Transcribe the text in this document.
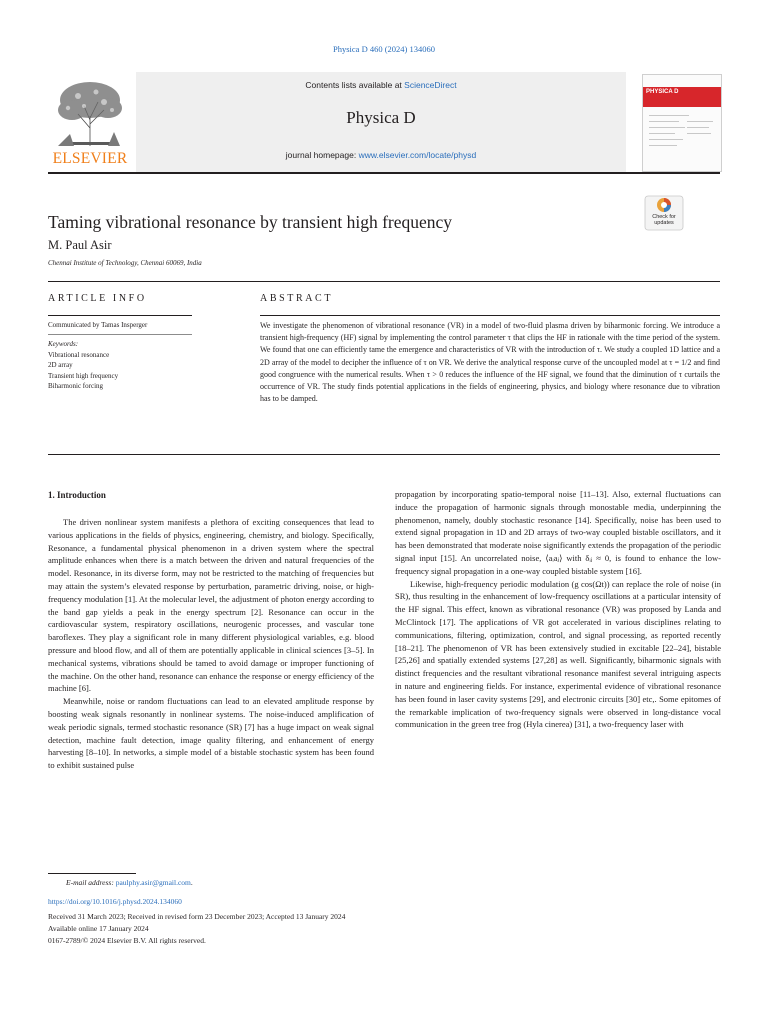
Physica D 460 (2024) 134060
ELSEVIER
Contents lists available at ScienceDirect
Physica D
journal homepage: www.elsevier.com/locate/physd
PHYSICA D
Taming vibrational resonance by transient high frequency	Check for
updates
M. Paul Asir
Chennai Institute of Technology, Chennai 60069, India
ARTICLE INFO
Communicated by Tamas Insperger
Keywords:
Vibrational resonance
2D array
Transient high frequency
Biharmonic forcing
ABSTRACT
We investigate the phenomenon of vibrational resonance (VR) in a model of two-fluid plasma driven by biharmonic forcing. We introduce a transient high-frequency (HF) signal by implementing the control parameter τ that clips the HF in rationale with the time period of the system. We found that one can efficiently tame the emergence and characteristics of VR with the introduction of τ. We study a coupled 1D lattice and a 2D array of the model to decipher the influence of τ on VR. We derive the analytical response curve of the uncoupled model at τ = 1/2 and find good congruence with the numerical results. When τ > 0 reduces the influence of the HF signal, we found that the diminution of τ curtails the occurrence of VR. The study finds potential applications in the fields of engineering, physics, and biology where resonance due to vibration has to be damped.
1. Introduction

The driven nonlinear system manifests a plethora of exciting consequences that lead to various applications in the fields of physics, engineering, chemistry, and biology. Specifically, Resonance, a fundamental physical phenomenon in a driven system where the spectral amplitude enhances when there is a match between the driven and natural frequencies of the model. Resonance, in its diverse form, may not be restricted to the matching of frequencies but may attain the system’s elevated response by perturbation, parametric driving, noise, or high-frequency modulation [1]. At the molecular level, the adjustment of photon energy according to the band gap yields a peak in the energy spectrum [2]. Resonance can occur in the cardiovascular system, respiratory oscillations, neurogenic processes, and vascular tone baroflexes. They play a significant role in many different physiological variables, e.g. blood pressure and blood flow, and all of them are potentially applicable in clinical sciences [3–5]. In mechanical systems, vibrations should be tamed to avoid damage or improper functioning of the machine. On the other hand, resonance can enhance the response or energy efficiency of the machine [6].

Meanwhile, noise or random fluctuations can lead to an elevated amplitude response by boosting weak signals resonantly in nonlinear systems. The noise-induced amplification of weak periodic signals, termed stochastic resonance (SR) [7] has a huge impact on weak signal detection, machine fault detection, image quality filtering, and enhancement of energy harvesting [8–10]. In networks, a simple model of a bistable stochastic system has been found to exhibit sustained pulse

propagation by incorporating spatio-temporal noise [11–13]. Also, external fluctuations can induce the propagation of harmonic signals through monostable media, underpinning the phenomenon, namely, doubly stochastic resonance [14]. Specifically, noise has been used to extend signal propagation in 1D and 2D arrays of two-way coupled bistable oscillators, and it has been demonstrated that moderate noise significantly extends the propagation of the periodic signal input [15]. An uncorrelated noise, ⟨aᵢaⱼ⟩ with δᵢⱼ ≈ 0, is found to enhance the low-frequency signal propagation in a one-way coupled bistable system [16].

Likewise, high-frequency periodic modulation (g cos(Ωt)) can replace the role of noise (in SR), thus resulting in the enhancement of low-frequency oscillations at a particular intensity of the HF signal. This effect, known as vibrational resonance (VR) was proposed by Landa and McClintock [17]. The applications of VR got accelerated in various disciplines relating to communications, filtering, optimization, control, and signal processing, as reported recently [18–21]. The phenomenon of VR has been extensively studied in excitable [22–24], bistable [25,26] and spatially extended systems [27,28] as well. Significantly, biharmonic signals with distinct frequencies and the resultant vibrational resonance manifest several intriguing aspects in nature and engineering fields. For instance, experimental evidence of vibrational resonance has been found in laser cavity systems [29], and electronic circuits [30] etc,. Some epitomes of the remarkable implication of two-frequency signals were observed in long-distance vocal communication in the green tree frog (Hyla cinerea) [31], a two-frequency laser with

E-mail address: paulphy.asir@gmail.com.
https://doi.org/10.1016/j.physd.2024.134060
Received 31 March 2023; Received in revised form 23 December 2023; Accepted 13 January 2024
Available online 17 January 2024
0167-2789/© 2024 Elsevier B.V. All rights reserved.
